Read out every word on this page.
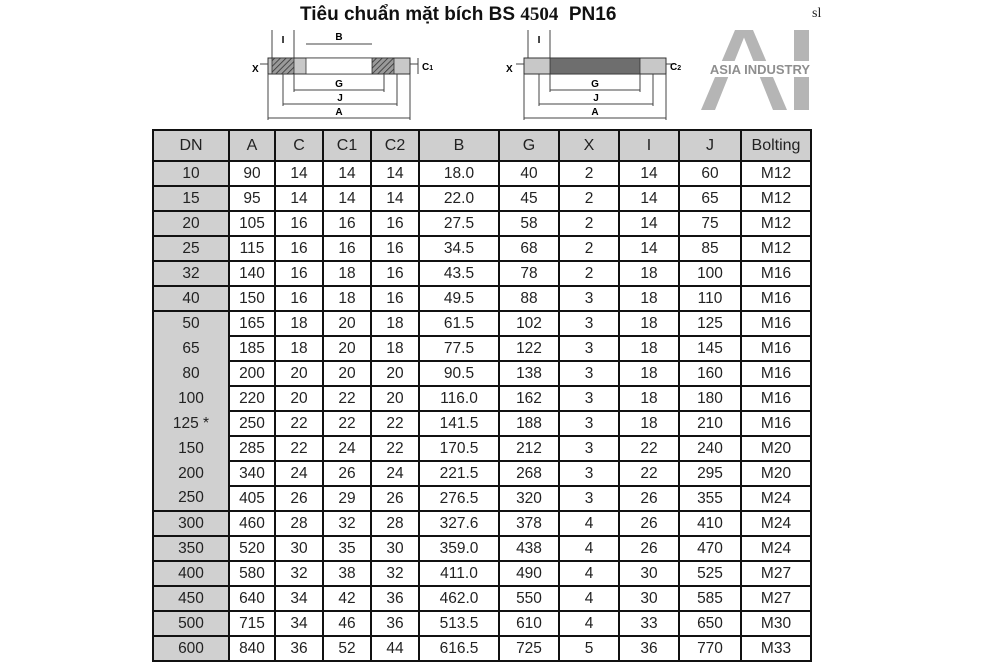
Tiêu chuẩn mặt bích BS 4504 PN16	sl
ASIA INDUSTRY
I	B
X	C1
G
J
A
I
X	C2
G
J
A
DN	A	C	C1	C2	B	G	X	I	J	Bolting
10	90	14	14	14	18.0	40	2	14	60	M12
15	95	14	14	14	22.0	45	2	14	65	M12
20	105	16	16	16	27.5	58	2	14	75	M12
25	115	16	16	16	34.5	68	2	14	85	M12
32	140	16	18	16	43.5	78	2	18	100	M16
40	150	16	18	16	49.5	88	3	18	110	M16
50	165	18	20	18	61.5	102	3	18	125	M16
65	185	18	20	18	77.5	122	3	18	145	M16
80	200	20	20	20	90.5	138	3	18	160	M16
100	220	20	22	20	116.0	162	3	18	180	M16
125 *	250	22	22	22	141.5	188	3	18	210	M16
150	285	22	24	22	170.5	212	3	22	240	M20
200	340	24	26	24	221.5	268	3	22	295	M20
250	405	26	29	26	276.5	320	3	26	355	M24
300	460	28	32	28	327.6	378	4	26	410	M24
350	520	30	35	30	359.0	438	4	26	470	M24
400	580	32	38	32	411.0	490	4	30	525	M27
450	640	34	42	36	462.0	550	4	30	585	M27
500	715	34	46	36	513.5	610	4	33	650	M30
600	840	36	52	44	616.5	725	5	36	770	M33
